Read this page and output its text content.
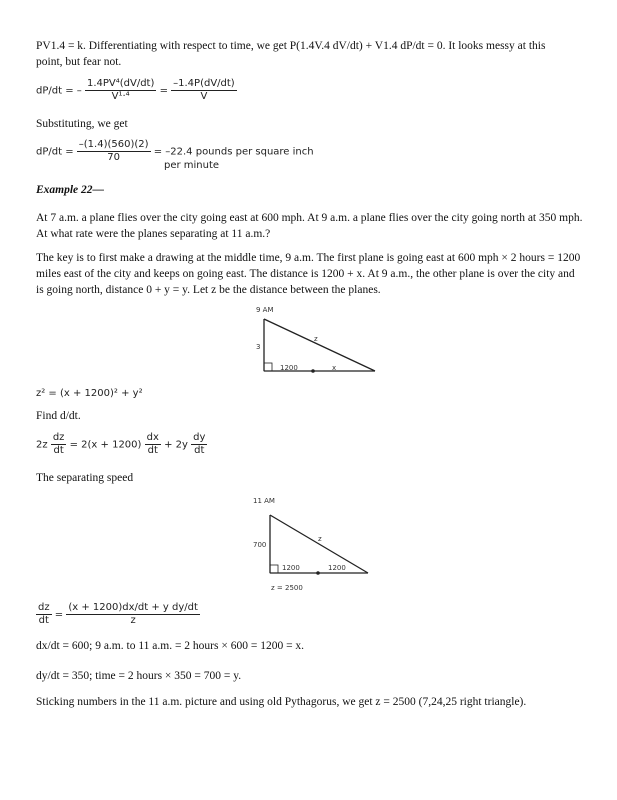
PV1.4 = k. Differentiating with respect to time, we get P(1.4V.4 dV/dt) + V1.4 dP/dt = 0. It looks messy at this
point, but fear not.
dP/dt = – $\frac{\text{1.4PV⁴(dV/dt)}}{\text{V¹·⁴}} = \frac{-1.4P(dV/dt)}{V}$
Substituting, we get
$dP/dt = \frac{-(1.4)(560)(2)}{70} = -22.4$ pounds per square inch
per minute
Example 22—
At 7 a.m. a plane flies over the city going east at 600 mph. At 9 a.m. a plane flies over the city going north at 350 mph. At what rate were the planes separating at 11 a.m.?
The key is to first make a drawing at the middle time, 9 a.m. The first plane is going east at 600 mph × 2 hours = 1200 miles east of the city and keeps on going east. The distance is 1200 + x. At 9 a.m., the other plane is over the city and is going north, distance 0 + y = y. Let z be the distance between the planes.
9 AM
3
z
1200	x
z² = (x + 1200)² + y²
Find d/dt.
$2z \frac{dz}{dt} = 2(x + 1200) \frac{dx}{dt} + 2y \frac{dy}{dt}$
The separating speed
11 AM
700
z
1200	1200
z = 2500
$\frac{dz}{dt} = \frac{\text{(x + 1200)dx/dt + y dy/dt}}{z}$
dx/dt = 600; 9 a.m. to 11 a.m. = 2 hours × 600 = 1200 = x.
dy/dt = 350; time = 2 hours × 350 = 700 = y.
Sticking numbers in the 11 a.m. picture and using old Pythagorus, we get z = 2500 (7,24,25 right triangle).
